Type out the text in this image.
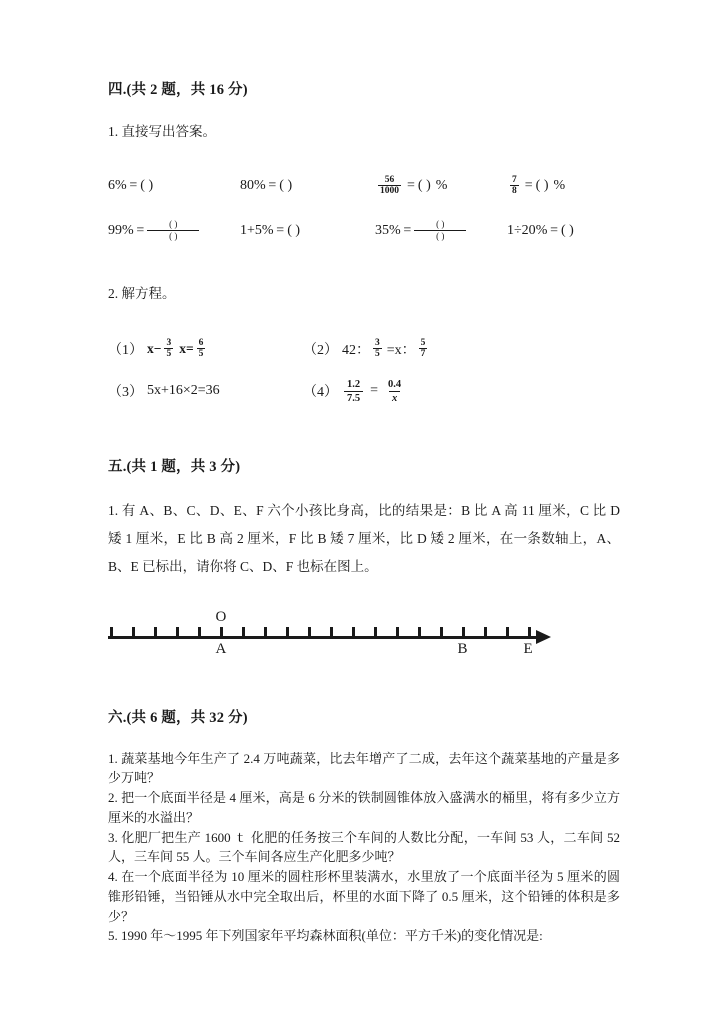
四.(共 2 题，共 16 分)
1. 直接写出答案。
6 % = ( )	80 % = ( )	$\frac{56}{1000}$ = ( ) %	$\frac{7}{8}$ = ( ) %
99 % = $\frac{( )}{( )}$	1+5 % = ( )	35 % = $\frac{( )}{( )}$	1÷20 % = ( )
2. 解方程。
（1） $x- \frac{3}{5} x= \frac{6}{5}$	（2） 42： $\frac{3}{5} =x$： $\frac{5}{7}$
（3） 5x+16×2=36	$(4) \frac{1.2}{7.5} = \frac{0.4}{x}$
五.(共 1 题，共 3 分)
1. 有 A、B、C、D、E、F 六个小孩比身高，比的结果是：B 比 A 高 11 厘米，C 比 D 矮 1 厘米，E 比 B 高 2 厘米，F 比 B 矮 7 厘米，比 D 矮 2 厘米，在一条数轴上，A、B、E 已标出，请你将 C、D、F 也标在图上。
O
A	B	E
六.(共 6 题，共 32 分)
1. 蔬菜基地今年生产了 2.4 万吨蔬菜，比去年增产了二成，去年这个蔬菜基地的产量是多少万吨？
2. 把一个底面半径是 4 厘米，高是 6 分米的铁制圆锥体放入盛满水的桶里，将有多少立方厘米的水溢出？
3. 化肥厂把生产 1600 ｔ 化肥的任务按三个车间的人数比分配，一车间 53 人，二车间 52 人，三车间 55 人。三个车间各应生产化肥多少吨？
4. 在一个底面半径为 10 厘米的圆柱形杯里装满水，水里放了一个底面半径为 5 厘米的圆锥形铅锤，当铅锤从水中完全取出后，杯里的水面下降了 0.5 厘米，这个铅锤的体积是多少？
5. 1990 年～1995 年下列国家年平均森林面积(单位：平方千米)的变化情况是:
